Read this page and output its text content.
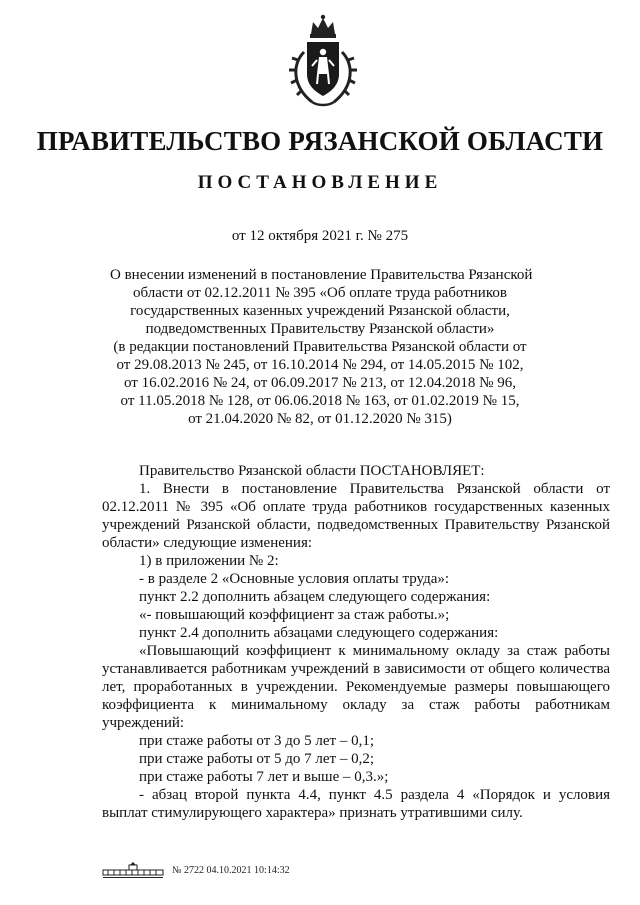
ПРАВИТЕЛЬСТВО РЯЗАНСКОЙ ОБЛАСТИ
ПОСТАНОВЛЕНИЕ
от 12 октября 2021 г. № 275
О внесении изменений в постановление Правительства Рязанской
области от 02.12.2011 № 395 «Об оплате труда работников
государственных казенных учреждений Рязанской области,
подведомственных Правительству Рязанской области»
(в редакции постановлений Правительства Рязанской области от
от 29.08.2013 № 245, от 16.10.2014 № 294, от 14.05.2015 № 102,
от 16.02.2016 № 24, от 06.09.2017 № 213, от 12.04.2018 № 96,
от 11.05.2018 № 128, от 06.06.2018 № 163, от 01.02.2019 № 15,
от 21.04.2020 № 82, от 01.12.2020 № 315)

Правительство Рязанской области ПОСТАНОВЛЯЕТ:

1. Внести в постановление Правительства Рязанской области от 02.12.2011 № 395 «Об оплате труда работников государственных казенных учреждений Рязанской области, подведомственных Правительству Рязанской области» следующие изменения:

1) в приложении № 2:

- в разделе 2 «Основные условия оплаты труда»:

пункт 2.2 дополнить абзацем следующего содержания:

«- повышающий коэффициент за стаж работы.»;

пункт 2.4 дополнить абзацами следующего содержания:

«Повышающий коэффициент к минимальному окладу за стаж работы устанавливается работникам учреждений в зависимости от общего количества лет, проработанных в учреждении. Рекомендуемые размеры повышающего коэффициента к минимальному окладу за стаж работы работникам учреждений:

при стаже работы от 3 до 5 лет – 0,1;

при стаже работы от 5 до 7 лет – 0,2;

при стаже работы 7 лет и выше – 0,3.»;

- абзац второй пункта 4.4, пункт 4.5 раздела 4 «Порядок и условия выплат стимулирующего характера» признать утратившими силу.

№ 2722 04.10.2021 10:14:32
